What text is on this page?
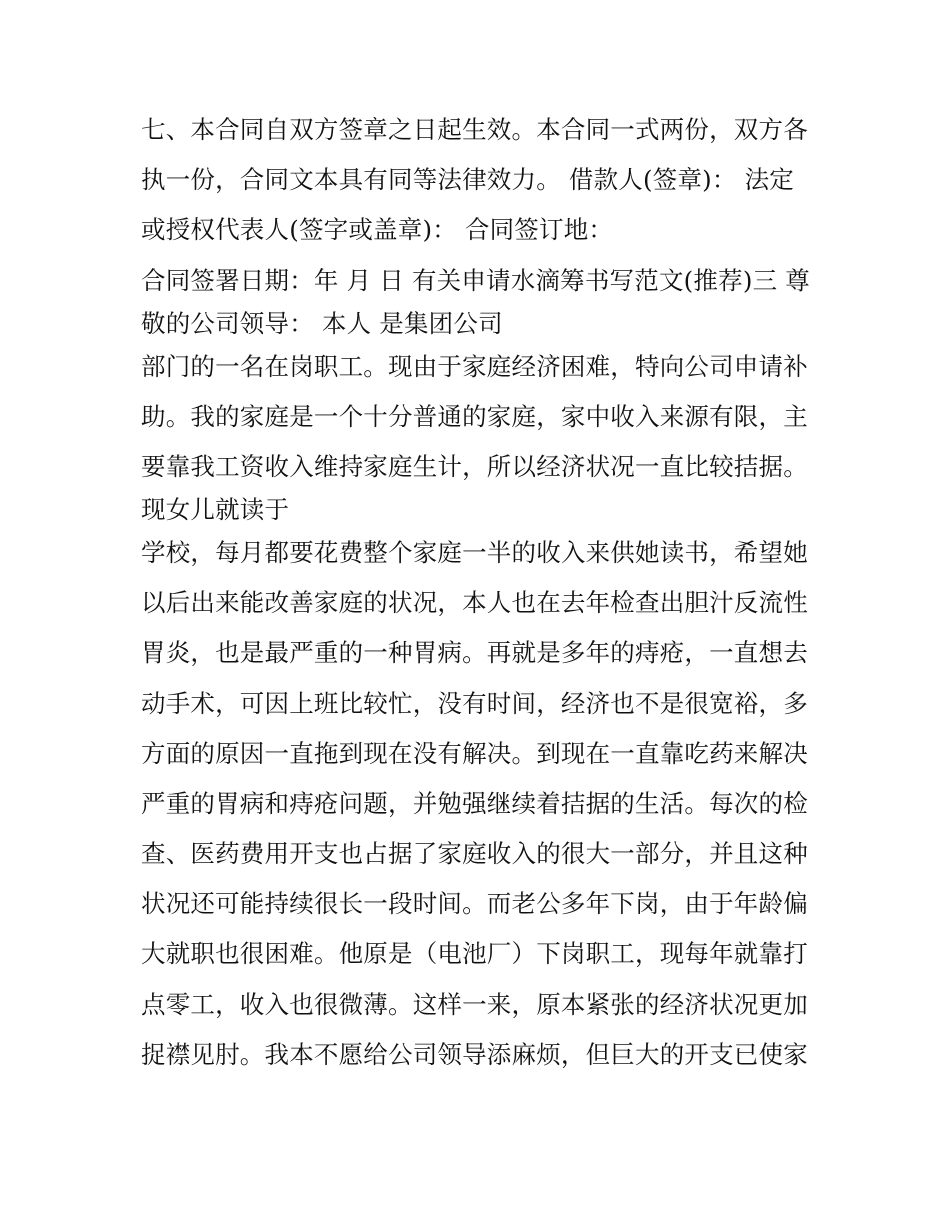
七、本合同自双方签章之日起生效。本合同一式两份，双方各
执一份，合同文本具有同等法律效力。 借款人(签章)： 法定
或授权代表人(签字或盖章)： 合同签订地：
合同签署日期：年 月 日 有关申请水滴筹书写范文(推荐)三 尊
敬的公司领导： 本人 是集团公司
部门的一名在岗职工。现由于家庭经济困难，特向公司申请补
助。我的家庭是一个十分普通的家庭，家中收入来源有限，主
要靠我工资收入维持家庭生计，所以经济状况一直比较拮据。
现女儿就读于
学校，每月都要花费整个家庭一半的收入来供她读书，希望她
以后出来能改善家庭的状况，本人也在去年检查出胆汁反流性
胃炎，也是最严重的一种胃病。再就是多年的痔疮，一直想去
动手术，可因上班比较忙，没有时间，经济也不是很宽裕，多
方面的原因一直拖到现在没有解决。到现在一直靠吃药来解决
严重的胃病和痔疮问题，并勉强继续着拮据的生活。每次的检
查、医药费用开支也占据了家庭收入的很大一部分，并且这种
状况还可能持续很长一段时间。而老公多年下岗，由于年龄偏
大就职也很困难。他原是（电池厂）下岗职工，现每年就靠打
点零工，收入也很微薄。这样一来，原本紧张的经济状况更加
捉襟见肘。我本不愿给公司领导添麻烦，但巨大的开支已使家
